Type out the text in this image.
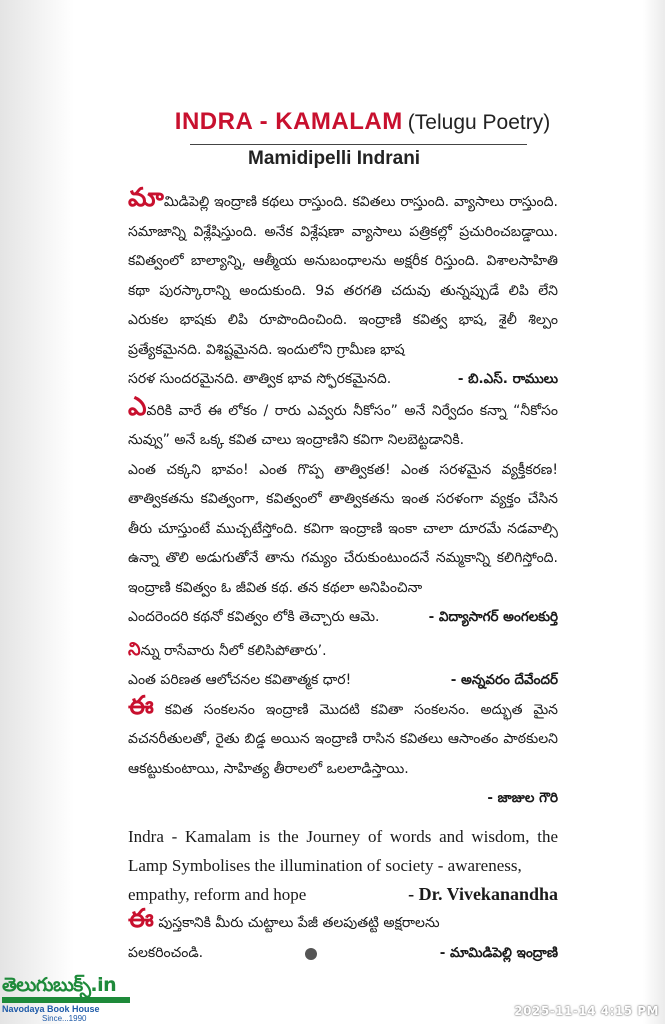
INDRA - KAMALAM (Telugu Poetry)
Mamidipelli Indrani

మామిడిపెల్లి ఇంద్రాణి కథలు రాస్తుంది. కవితలు రాస్తుంది. వ్యాసాలు రాస్తుంది. సమాజాన్ని విశ్లేషిస్తుంది. అనేక విశ్లేషణా వ్యాసాలు పత్రికల్లో ప్రచురించబడ్డాయి. కవిత్వంలో బాల్యాన్ని, ఆత్మీయ అనుబంధాలను అక్షరీక రిస్తుంది. విశాలసాహితి కథా పురస్కారాన్ని అందుకుంది. 9వ తరగతి చదువు తున్నప్పుడే లిపి లేని ఎరుకల భాషకు లిపి రూపొందించింది. ఇంద్రాణి కవిత్వ భాష, శైలీ శిల్పం ప్రత్యేకమైనది. విశిష్టమైనది. ఇందులోని గ్రామీణ భాష

సరళ సుందరమైనది. తాత్విక భావ స్ఫోరకమైనది.	- బి.ఎస్. రాములు

ఎవరికి వారే ఈ లోకం / రారు ఎవ్వరు నీకోసం” అనే నిర్వేదం కన్నా “నీకోసం నువ్వు” అనే ఒక్క కవిత చాలు ఇంద్రాణిని కవిగా నిలబెట్టడానికి.

ఎంత చక్కని భావం! ఎంత గొప్ప తాత్వికత! ఎంత సరళమైన వ్యక్తీకరణ! తాత్వికతను కవిత్వంగా, కవిత్వంలో తాత్వికతను ఇంత సరళంగా వ్యక్తం చేసిన తీరు చూస్తుంటే ముచ్చటేస్తోంది. కవిగా ఇంద్రాణి ఇంకా చాలా దూరమే నడవాల్సి ఉన్నా తొలి అడుగుతోనే తాను గమ్యం చేరుకుంటుందనే నమ్మకాన్ని కలిగిస్తోంది. ఇంద్రాణి కవిత్వం ఓ జీవిత కథ. తన కథలా అనిపించినా

ఎందరెందరి కథనో కవిత్వం లోకి తెచ్చారు ఆమె.	- విద్యాసాగర్ అంగలకుర్తి

నిన్ను రాసేవారు నీలో కలిసిపోతారు’.

ఎంత పరిణత ఆలోచనల కవితాత్మక ధార!	- అన్నవరం దేవేందర్

ఈ కవిత సంకలనం ఇంద్రాణి మొదటి కవితా సంకలనం. అద్భుత మైన వచనరీతులతో, రైతు బిడ్డ అయిన ఇంద్రాణి రాసిన కవితలు ఆసాంతం పాఠకులని ఆకట్టుకుంటాయి, సాహిత్య తీరాలలో ఒలలాడిస్తాయి.

- జాజుల గౌరి

Indra - Kamalam is the Journey of words and wisdom, the Lamp Symbolises the illumination of society - awareness,

empathy, reform and hope	- Dr. Vivekanandha

ఈ పుస్తకానికి మీరు చుట్టాలు పేజీ తలపుతట్టి అక్షరాలను

పలకరించండి.	- మామిడిపెల్లి ఇంద్రాణి
తెలుగుబుక్స్.in
Navodaya Book House
Since...1990
2025-11-14 4:15 PM
